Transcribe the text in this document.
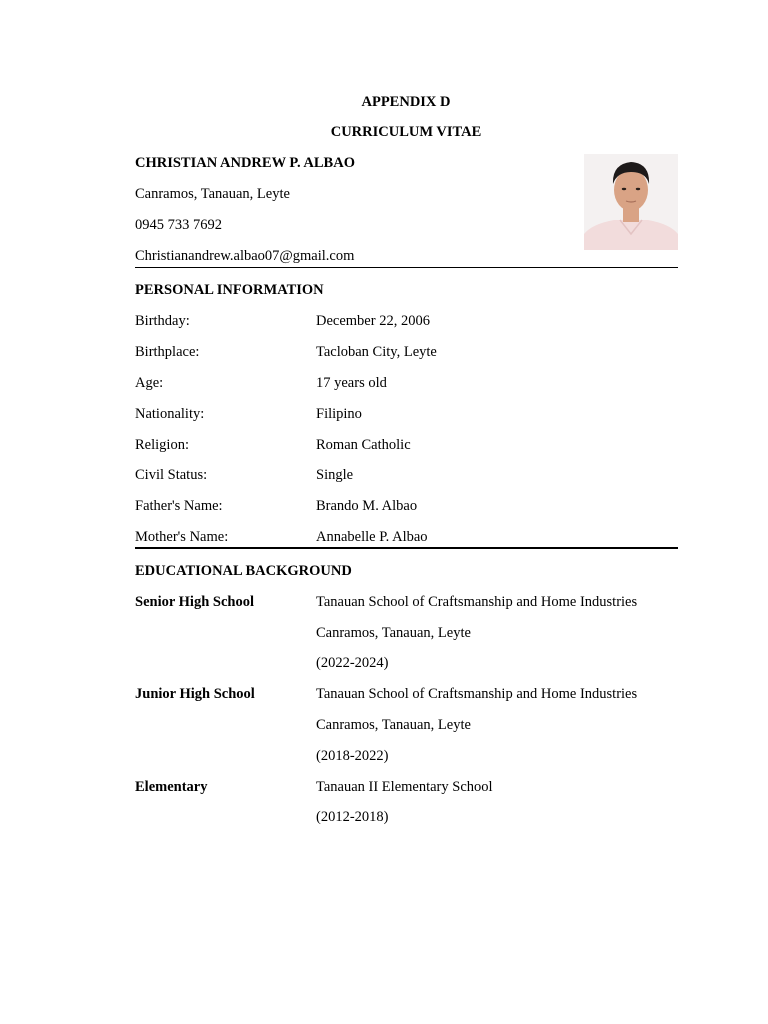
APPENDIX D
CURRICULUM VITAE
CHRISTIAN ANDREW P. ALBAO
Canramos, Tanauan, Leyte
0945 733 7692
Christianandrew.albao07@gmail.com
PERSONAL INFORMATION
Birthday:	December 22, 2006
Birthplace:	Tacloban City, Leyte
Age:	17 years old
Nationality:	Filipino
Religion:	Roman Catholic
Civil Status:	Single
Father's Name:	Brando M. Albao
Mother's Name:	Annabelle P. Albao
EDUCATIONAL BACKGROUND
Senior High School	Tanauan School of Craftsmanship and Home Industries
Canramos, Tanauan, Leyte
(2022-2024)
Junior High School	Tanauan School of Craftsmanship and Home Industries
Canramos, Tanauan, Leyte
(2018-2022)
Elementary	Tanauan II Elementary School
(2012-2018)
